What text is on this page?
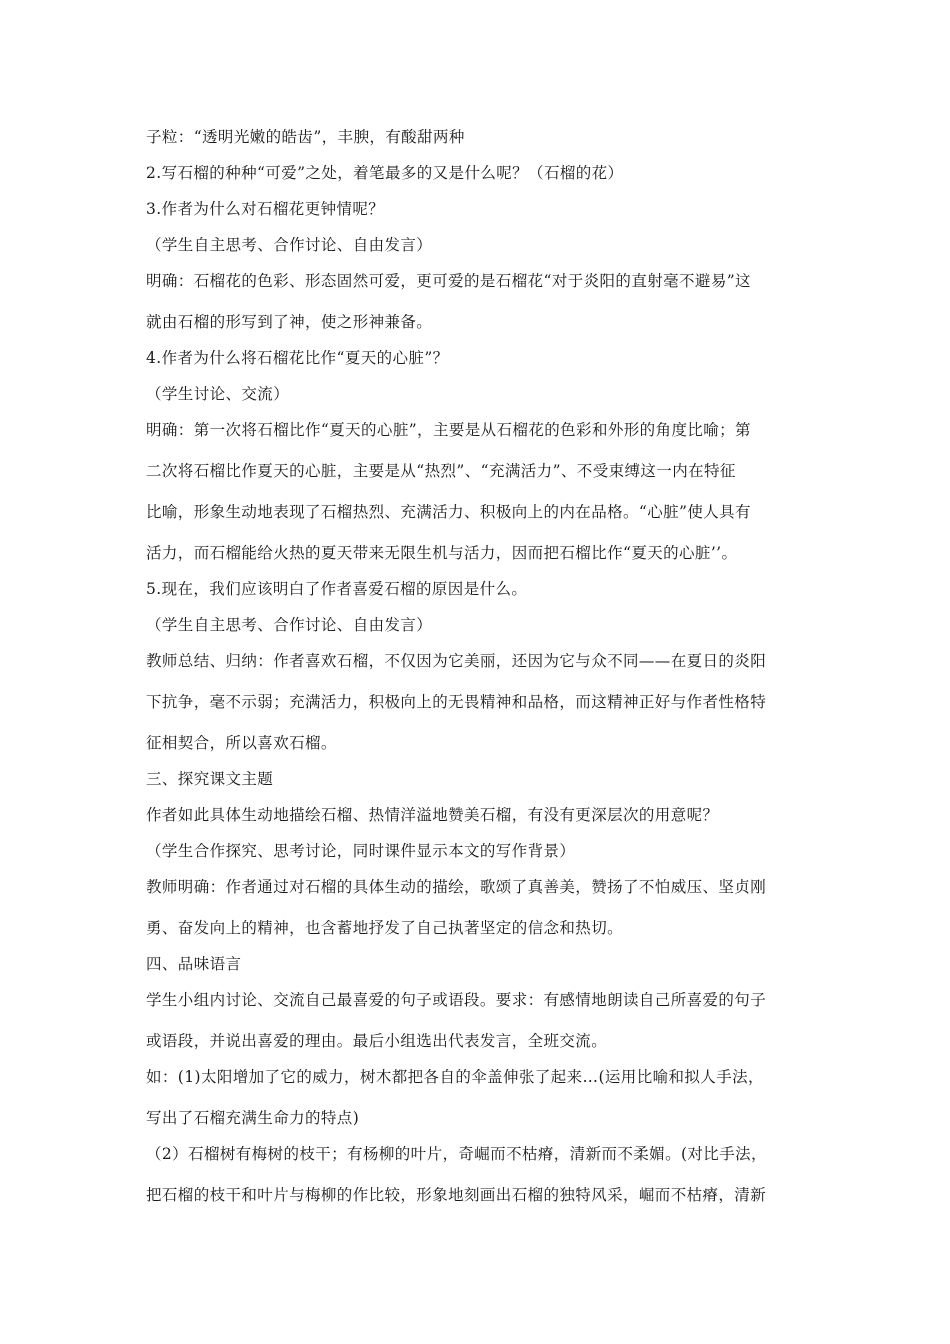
子粒：“透明光嫩的皓齿”，丰腴，有酸甜两种
2.写石榴的种种“可爱”之处，着笔最多的又是什么呢？（石榴的花）
3.作者为什么对石榴花更钟情呢？
（学生自主思考、合作讨论、自由发言）
明确：石榴花的色彩、形态固然可爱，更可爱的是石榴花“对于炎阳的直射毫不避易”这
就由石榴的形写到了神，使之形神兼备。
4.作者为什么将石榴花比作“夏天的心脏”？
（学生讨论、交流）
明确：第一次将石榴比作“夏天的心脏”，主要是从石榴花的色彩和外形的角度比喻；第
二次将石榴比作夏天的心脏，主要是从“热烈”、“充满活力”、不受束缚这一内在特征
比喻，形象生动地表现了石榴热烈、充满活力、积极向上的内在品格。“心脏”使人具有
活力，而石榴能给火热的夏天带来无限生机与活力，因而把石榴比作“夏天的心脏’’。
5.现在，我们应该明白了作者喜爱石榴的原因是什么。
（学生自主思考、合作讨论、自由发言）
教师总结、归纳：作者喜欢石榴，不仅因为它美丽，还因为它与众不同——在夏日的炎阳
下抗争，毫不示弱；充满活力，积极向上的无畏精神和品格，而这精神正好与作者性格特
征相契合，所以喜欢石榴。
三、探究课文主题
作者如此具体生动地描绘石榴、热情洋溢地赞美石榴，有没有更深层次的用意呢？
（学生合作探究、思考讨论，同时课件显示本文的写作背景）
教师明确：作者通过对石榴的具体生动的描绘，歌颂了真善美，赞扬了不怕威压、坚贞刚
勇、奋发向上的精神，也含蓄地抒发了自己执著坚定的信念和热切。
四、品味语言
学生小组内讨论、交流自己最喜爱的句子或语段。要求：有感情地朗读自己所喜爱的句子
或语段，并说出喜爱的理由。最后小组选出代表发言，全班交流。
如：(1)太阳增加了它的威力，树木都把各自的伞盖伸张了起来…(运用比喻和拟人手法，
写出了石榴充满生命力的特点)
（2）石榴树有梅树的枝干；有杨柳的叶片，奇崛而不枯瘠，清新而不柔媚。(对比手法，
把石榴的枝干和叶片与梅柳的作比较，形象地刻画出石榴的独特风采，崛而不枯瘠，清新
